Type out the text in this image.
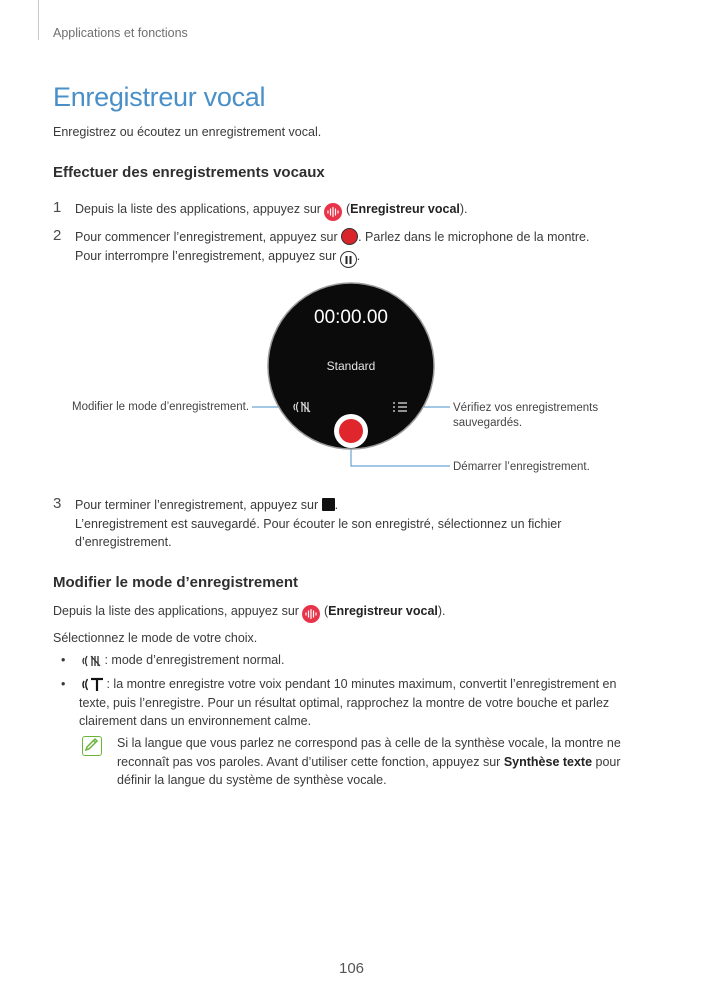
Applications et fonctions
Enregistreur vocal
Enregistrez ou écoutez un enregistrement vocal.
Effectuer des enregistrements vocaux
1 Depuis la liste des applications, appuyez sur (Enregistreur vocal).
2 Pour commencer l’enregistrement, appuyez sur . Parlez dans le microphone de la montre.
Pour interrompre l’enregistrement, appuyez sur .
00:00.00
Standard
Modifier le mode d’enregistrement.	Vérifiez vos enregistrements
sauvegardés.
Démarrer l’enregistrement.
3 Pour terminer l’enregistrement, appuyez sur .
L’enregistrement est sauvegardé. Pour écouter le son enregistré, sélectionnez un fichier
d’enregistrement.
Modifier le mode d’enregistrement
Depuis la liste des applications, appuyez sur (Enregistreur vocal).
Sélectionnez le mode de votre choix.
•	: mode d’enregistrement normal.
•	: la montre enregistre votre voix pendant 10 minutes maximum, convertit l’enregistrement en
texte, puis l’enregistre. Pour un résultat optimal, rapprochez la montre de votre bouche et parlez
clairement dans un environnement calme.
Si la langue que vous parlez ne correspond pas à celle de la synthèse vocale, la montre ne
reconnaît pas vos paroles. Avant d’utiliser cette fonction, appuyez sur Synthèse texte pour
définir la langue du système de synthèse vocale.
106
